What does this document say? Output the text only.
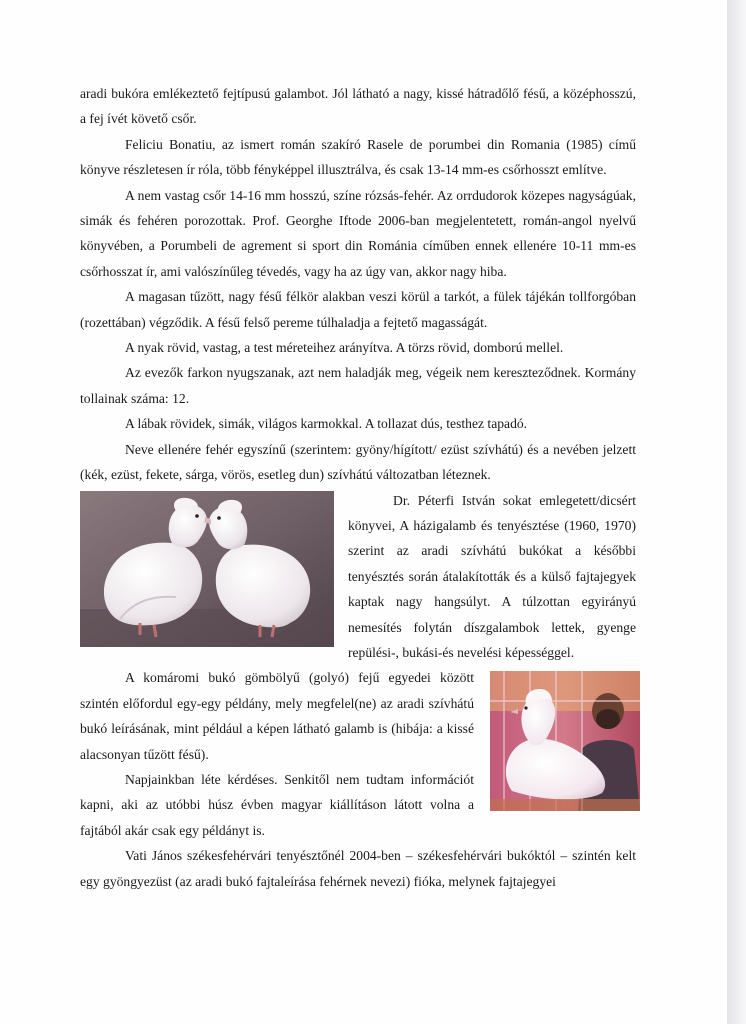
aradi bukóra emlékeztető fejtípusú galambot. Jól látható a nagy, kissé hátradőlő fésű, a középhosszú, a fej ívét követő csőr.

Feliciu Bonatiu, az ismert román szakíró Rasele de porumbei din Romania (1985) című könyve részletesen ír róla, több fényképpel illusztrálva, és csak 13-14 mm-es csőrhosszt említve.

A nem vastag csőr 14-16 mm hosszú, színe rózsás-fehér. Az orrdudorok közepes nagyságúak, simák és fehéren porozottak. Prof. Georghe Iftode 2006-ban megjelentetett, román-angol nyelvű könyvében, a Porumbeli de agrement si sport din Románia címűben ennek ellenére 10-11 mm-es csőrhosszat ír, ami valószínűleg tévedés, vagy ha az úgy van, akkor nagy hiba.

A magasan tűzött, nagy fésű félkör alakban veszi körül a tarkót, a fülek tájékán tollforgóban (rozettában) végződik. A fésű felső pereme túlhaladja a fejtető magasságát.

A nyak rövid, vastag, a test méreteihez arányítva. A törzs rövid, domború mellel.

Az evezők farkon nyugszanak, azt nem haladják meg, végeik nem kereszteződnek. Kormány tollainak száma: 12.

A lábak rövidek, simák, világos karmokkal. A tollazat dús, testhez tapadó.

Neve ellenére fehér egyszínű (szerintem: gyöny/hígított/ ezüst szívhátú) és a nevében jelzett (kék, ezüst, fekete, sárga, vörös, esetleg dun) szívhátú változatban léteznek.

Dr. Péterfi István sokat emlegetett/dicsért könyvei, A házigalamb és tenyésztése (1960, 1970) szerint az aradi szívhátú bukókat a későbbi tenyésztés során átalakították és a külső fajtajegyek kaptak nagy hangsúlyt. A túlzottan egyirányú nemesítés folytán díszgalambok lettek, gyenge repülési-, bukási-és nevelési képességgel.

A komáromi bukó gömbölyű (golyó) fejű egyedei között szintén előfordul egy-egy példány, mely megfelel(ne) az aradi szívhátú bukó leírásának, mint például a képen látható galamb is (hibája: a kissé alacsonyan tűzött fésű).

Napjainkban léte kérdéses. Senkitől nem tudtam információt kapni, aki az utóbbi húsz évben magyar kiállításon látott volna a fajtából akár csak egy példányt is.

Vati János székesfehérvári tenyésztőnél 2004-ben – székesfehérvári bukóktól – szintén kelt egy gyöngyezüst (az aradi bukó fajtaleírása fehérnek nevezi) fióka, melynek fajtajegyei
